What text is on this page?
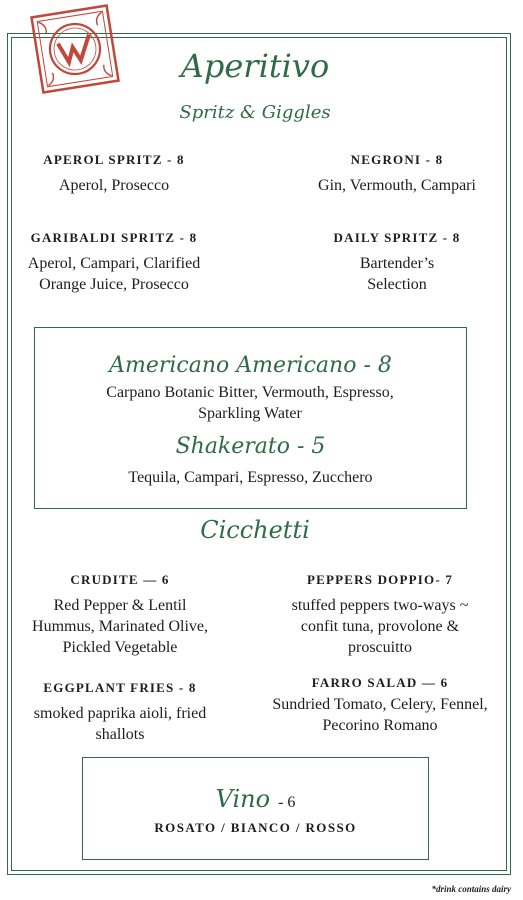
Aperitivo
Spritz & Giggles
APEROL SPRITZ - 8
Aperol, Prosecco
NEGRONI - 8
Gin, Vermouth, Campari
GARIBALDI SPRITZ - 8
Aperol, Campari, Clarified Orange Juice, Prosecco
DAILY SPRITZ - 8
Bartender’s Selection
Americano Americano - 8
Carpano Botanic Bitter, Vermouth, Espresso, Sparkling Water
Shakerato - 5
Tequila, Campari, Espresso, Zucchero
Cicchetti
CRUDITE — 6
Red Pepper & Lentil Hummus, Marinated Olive, Pickled Vegetable
PEPPERS DOPPIO- 7
stuffed peppers two-ways ~ confit tuna, provolone & proscuitto
EGGPLANT FRIES - 8
smoked paprika aioli, fried shallots
FARRO SALAD — 6
Sundried Tomato, Celery, Fennel, Pecorino Romano
Vino - 6
ROSATO / BIANCO / ROSSO
*drink contains dairy
